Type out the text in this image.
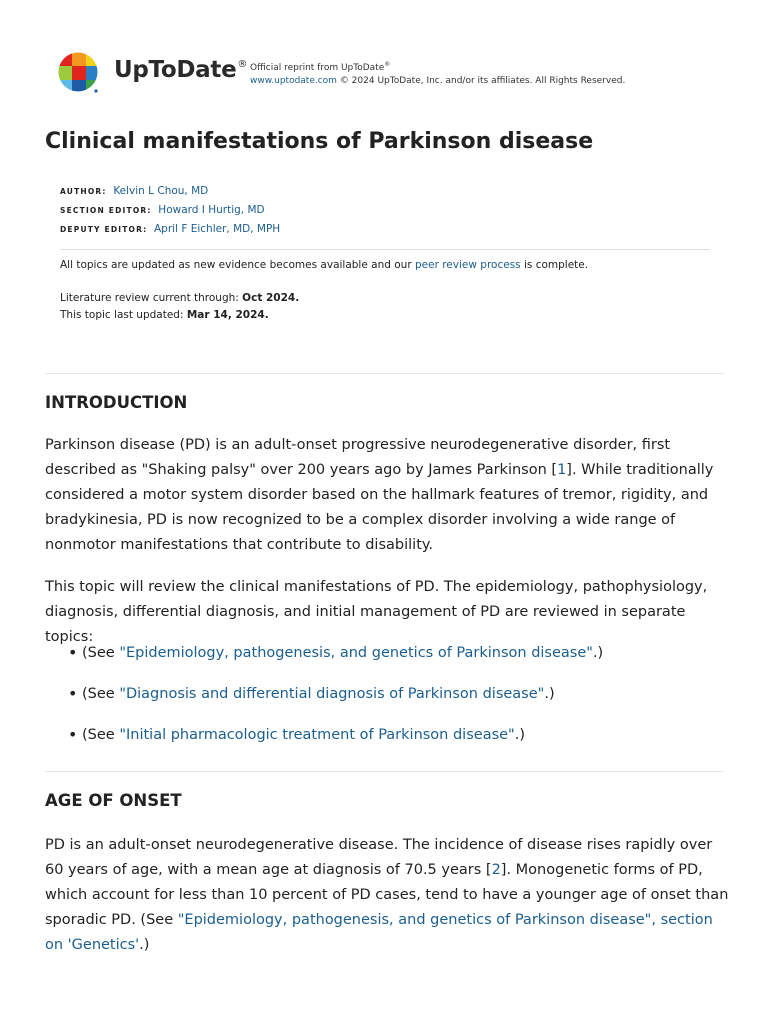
UpToDate® Official reprint from UpToDate®
www.uptodate.com © 2024 UpToDate, Inc. and/or its affiliates. All Rights Reserved.
Clinical manifestations of Parkinson disease
AUTHOR: Kelvin L Chou, MD
SECTION EDITOR: Howard I Hurtig, MD
DEPUTY EDITOR: April F Eichler, MD, MPH
All topics are updated as new evidence becomes available and our peer review process is complete.
Literature review current through: Oct 2024.
This topic last updated: Mar 14, 2024.
INTRODUCTION

Parkinson disease (PD) is an adult-onset progressive neurodegenerative disorder, first described as "Shaking palsy" over 200 years ago by James Parkinson [1]. While traditionally considered a motor system disorder based on the hallmark features of tremor, rigidity, and bradykinesia, PD is now recognized to be a complex disorder involving a wide range of nonmotor manifestations that contribute to disability.

This topic will review the clinical manifestations of PD. The epidemiology, pathophysiology, diagnosis, differential diagnosis, and initial management of PD are reviewed in separate topics:

• (See "Epidemiology, pathogenesis, and genetics of Parkinson disease".)
• (See "Diagnosis and differential diagnosis of Parkinson disease".)
• (See "Initial pharmacologic treatment of Parkinson disease".)
AGE OF ONSET

PD is an adult-onset neurodegenerative disease. The incidence of disease rises rapidly over 60 years of age, with a mean age at diagnosis of 70.5 years [2]. Monogenetic forms of PD, which account for less than 10 percent of PD cases, tend to have a younger age of onset than sporadic PD. (See "Epidemiology, pathogenesis, and genetics of Parkinson disease", section on 'Genetics'.)
